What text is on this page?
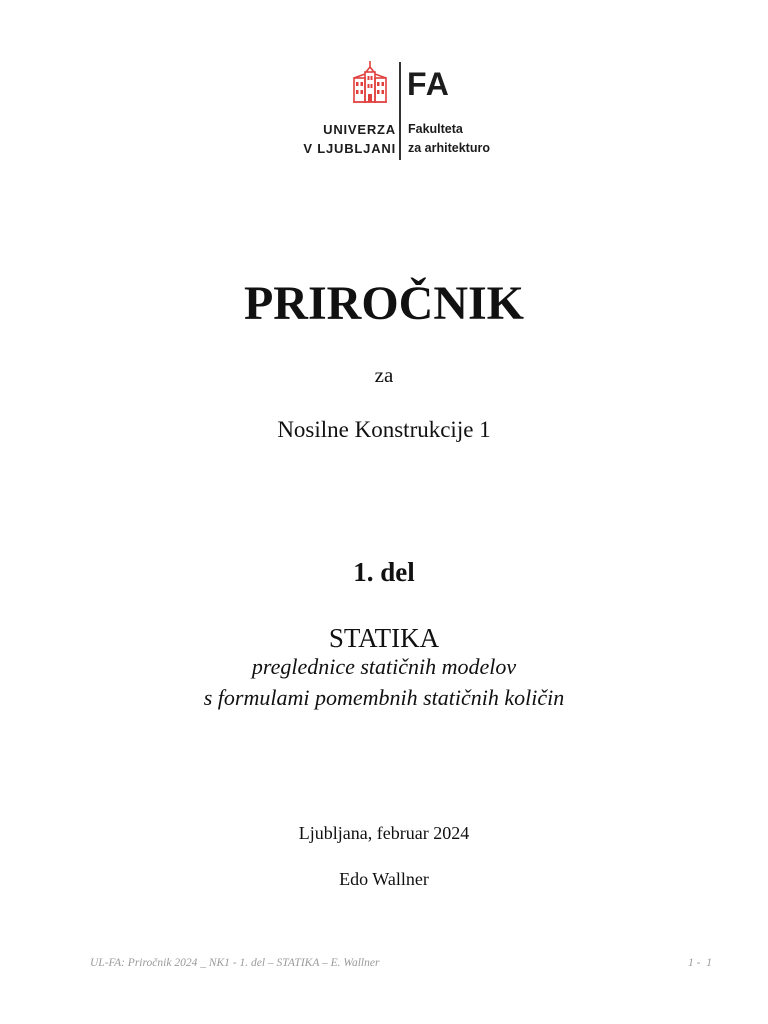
FA
UNIVERZA
V LJUBLJANI
Fakulteta
za arhitekturo
PRIROČNIK
za
Nosilne Konstrukcije 1
1. del
STATIKA
preglednice statičnih modelov
s formulami pomembnih statičnih količin
Ljubljana, februar 2024
Edo Wallner
UL-FA: Priročnik 2024 _ NK1 - 1. del – STATIKA – E. Wallner	1 -  1
